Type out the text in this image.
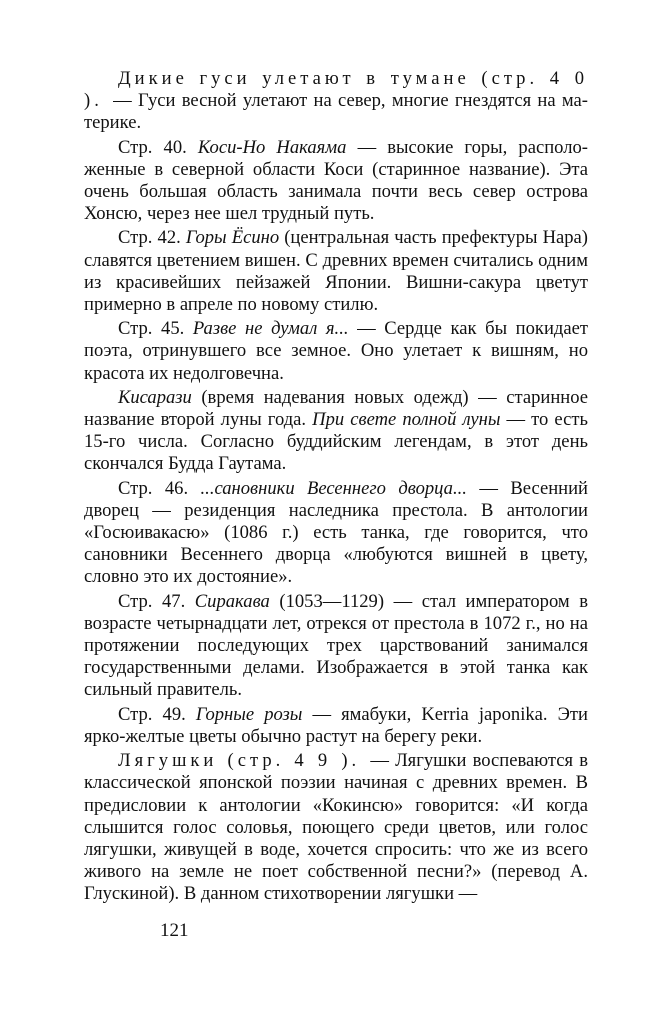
Дикие гуси улетают в тумане (стр. 4 0 ). — Гуси весной улетают на север, многие гнездятся на материке.

Стр. 40. Коси-Но Накаяма — высокие горы, расположенные в северной области Коси (старинное название). Эта очень большая область занимала почти весь север острова Хонсю, через нее шел трудный путь.

Стр. 42. Горы Ёсино (центральная часть префектуры Нара) славятся цветением вишен. С древних времен считались одним из красивейших пейзажей Японии. Вишни-сакура цветут примерно в апреле по новому стилю.

Стр. 45. Разве не думал я... — Сердце как бы покидает поэта, отринувшего все земное. Оно улетает к вишням, но красота их недолговечна.

Кисарази (время надевания новых одежд) — старинное название второй луны года. При свете полной луны — то есть 15-го числа. Согласно буддийским легендам, в этот день скончался Будда Гаутама.

Стр. 46. ...сановники Весеннего дворца... — Весенний дворец — резиденция наследника престола. В антологии «Госюивакасю» (1086 г.) есть танка, где говорится, что сановники Весеннего дворца «любуются вишней в цвету, словно это их достояние».

Стр. 47. Сиракава (1053—1129) — стал императором в возрасте четырнадцати лет, отрекся от престола в 1072 г., но на протяжении последующих трех царствований занимался государственными делами. Изображается в этой танка как сильный правитель.

Стр. 49. Горные розы — ямабуки, Kerria japonika. Эти ярко-желтые цветы обычно растут на берегу реки.

Лягушки (стр. 4 9 ). — Лягушки воспеваются в классической японской поэзии начиная с древних времен. В предисловии к антологии «Кокинсю» говорится: «И когда слышится голос соловья, поющего среди цветов, или голос лягушки, живущей в воде, хочется спросить: что же из всего живого на земле не поет собственной песни?» (перевод А. Глускиной). В данном стихотворении лягушки —

121
